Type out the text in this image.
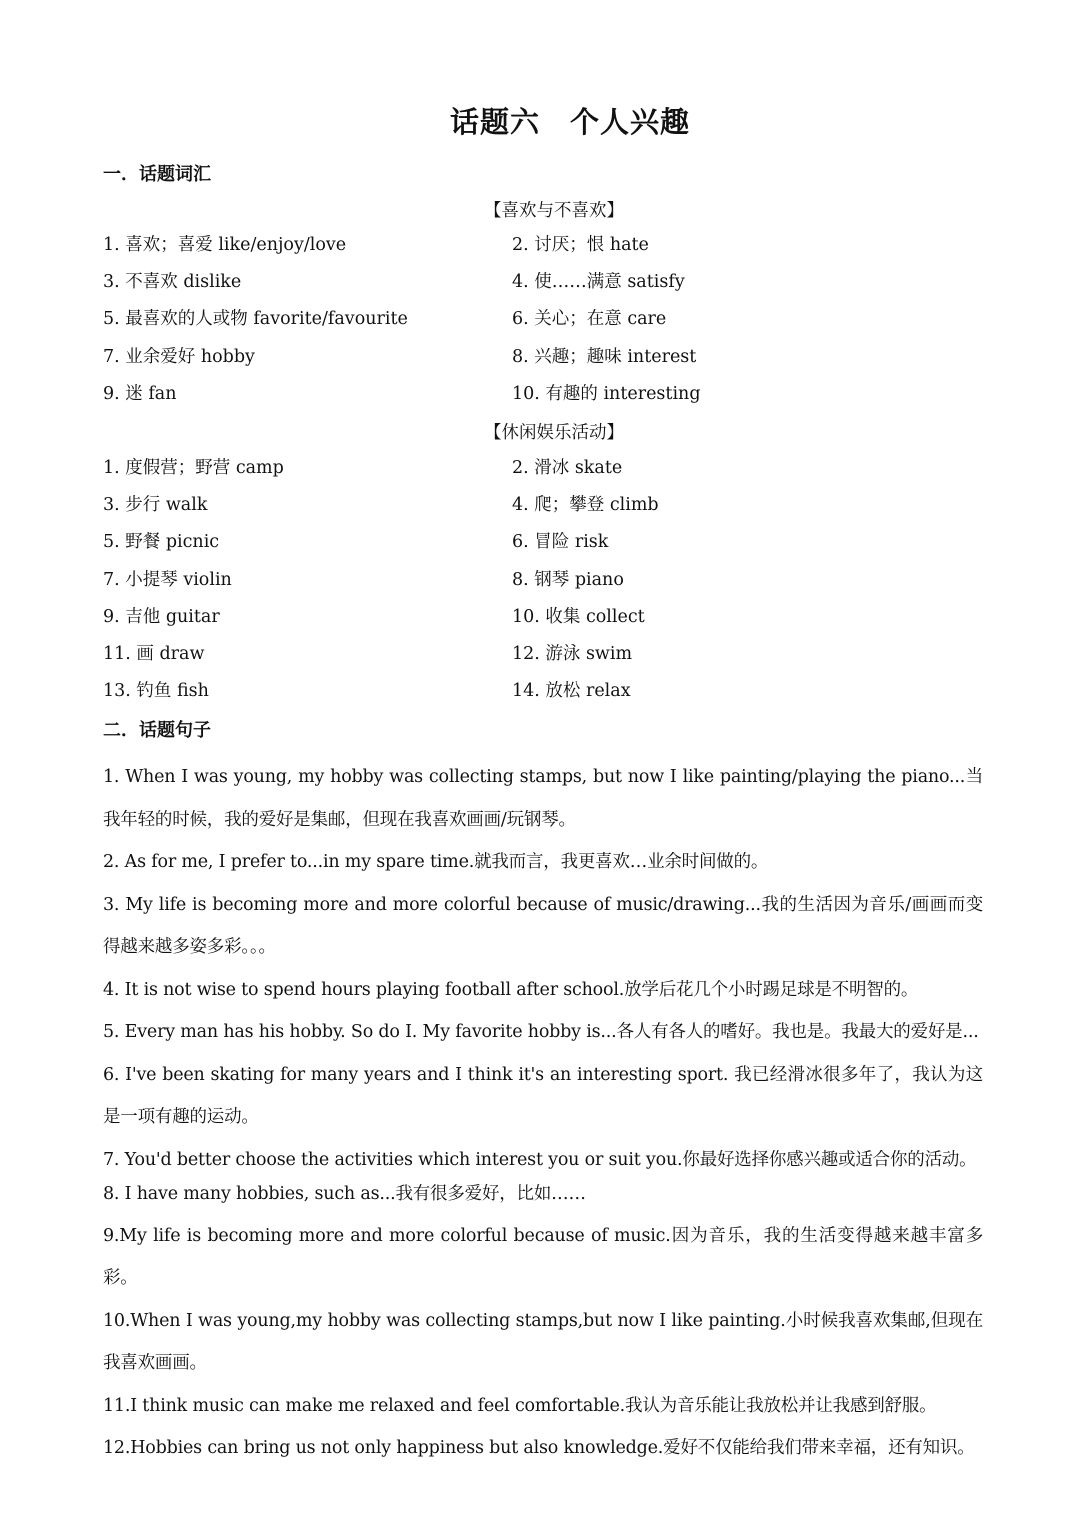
话题六　个人兴趣
一．话题词汇
【喜欢与不喜欢】
1. 喜欢；喜爱 like/enjoy/love	2. 讨厌；恨 hate
3. 不喜欢 dislike	4. 使……满意 satisfy
5. 最喜欢的人或物 favorite/favourite	6. 关心；在意 care
7. 业余爱好 hobby	8. 兴趣；趣味 interest
9. 迷 fan	10. 有趣的 interesting
【休闲娱乐活动】
1. 度假营；野营 camp	2. 滑冰 skate
3. 步行 walk	4. 爬；攀登 climb
5. 野餐 picnic	6. 冒险 risk
7. 小提琴 violin	8. 钢琴 piano
9. 吉他 guitar	10. 收集 collect
11. 画 draw	12. 游泳 swim
13. 钓鱼 fish	14. 放松 relax
二．话题句子
1. When I was young, my hobby was collecting stamps, but now I like painting/playing the piano...当我年轻的时候，我的爱好是集邮，但现在我喜欢画画/玩钢琴。
2. As for me, I prefer to...in my spare time.就我而言，我更喜欢…业余时间做的。
3. My life is becoming more and more colorful because of music/drawing...我的生活因为音乐/画画而变得越来越多姿多彩。。。
4. It is not wise to spend hours playing football after school.放学后花几个小时踢足球是不明智的。
5. Every man has his hobby. So do I. My favorite hobby is...各人有各人的嗜好。我也是。我最大的爱好是...
6. I've been skating for many years and I think it's an interesting sport. 我已经滑冰很多年了，我认为这是一项有趣的运动。
7. You'd better choose the activities which interest you or suit you.你最好选择你感兴趣或适合你的活动。
8. I have many hobbies, such as...我有很多爱好，比如……
9.My life is becoming more and more colorful because of music.因为音乐，我的生活变得越来越丰富多彩。
10.When I was young,my hobby was collecting stamps,but now I like painting.小时候我喜欢集邮,但现在我喜欢画画。
11.I think music can make me relaxed and feel comfortable.我认为音乐能让我放松并让我感到舒服。
12.Hobbies can bring us not only happiness but also knowledge.爱好不仅能给我们带来幸福，还有知识。
